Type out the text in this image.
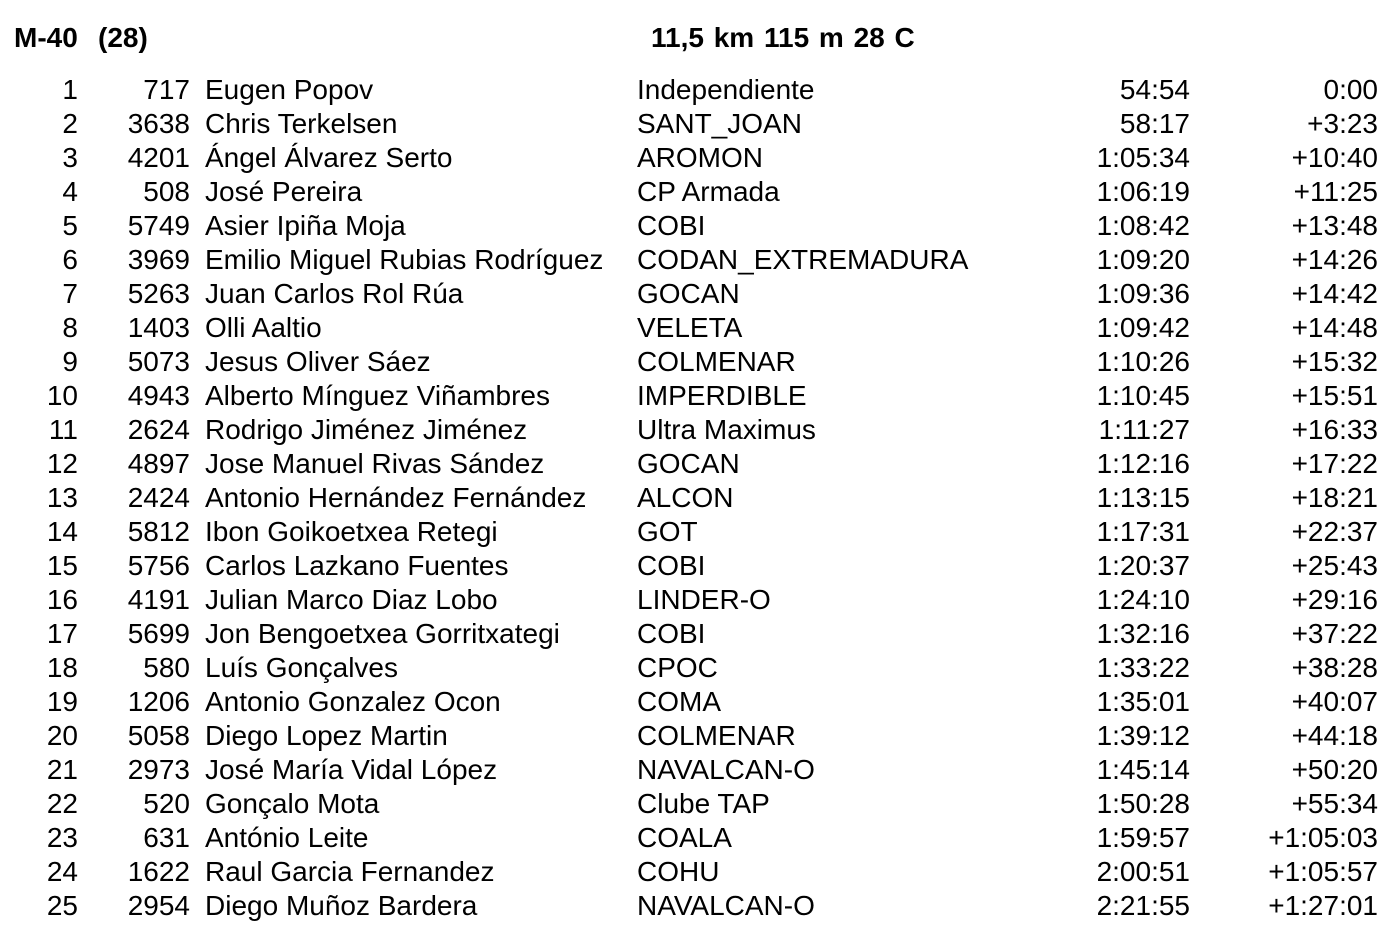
M-40 (28)	11,5 km 115 m 28 C
1	717 Eugen Popov	Independiente	54:54	0:00
2	3638 Chris Terkelsen	SANT_JOAN	58:17	+3:23
3	4201 Ángel Álvarez Serto	AROMON	1:05:34	+10:40
4	508 José Pereira	CP Armada	1:06:19	+11:25
5	5749 Asier Ipiña Moja	COBI	1:08:42	+13:48
6	3969 Emilio Miguel Rubias Rodríguez	CODAN_EXTREMADURA	1:09:20	+14:26
7	5263 Juan Carlos Rol Rúa	GOCAN	1:09:36	+14:42
8	1403 Olli Aaltio	VELETA	1:09:42	+14:48
9	5073 Jesus Oliver Sáez	COLMENAR	1:10:26	+15:32
10	4943 Alberto Mínguez Viñambres	IMPERDIBLE	1:10:45	+15:51
11	2624 Rodrigo Jiménez Jiménez	Ultra Maximus	1:11:27	+16:33
12	4897 Jose Manuel Rivas Sández	GOCAN	1:12:16	+17:22
13	2424 Antonio Hernández Fernández	ALCON	1:13:15	+18:21
14	5812 Ibon Goikoetxea Retegi	GOT	1:17:31	+22:37
15	5756 Carlos Lazkano Fuentes	COBI	1:20:37	+25:43
16	4191 Julian Marco Diaz Lobo	LINDER-O	1:24:10	+29:16
17	5699 Jon Bengoetxea Gorritxategi	COBI	1:32:16	+37:22
18	580 Luís Gonçalves	CPOC	1:33:22	+38:28
19	1206 Antonio Gonzalez Ocon	COMA	1:35:01	+40:07
20	5058 Diego Lopez Martin	COLMENAR	1:39:12	+44:18
21	2973 José María Vidal López	NAVALCAN-O	1:45:14	+50:20
22	520 Gonçalo Mota	Clube TAP	1:50:28	+55:34
23	631 António Leite	COALA	1:59:57	+1:05:03
24	1622 Raul Garcia Fernandez	COHU	2:00:51	+1:05:57
25	2954 Diego Muñoz Bardera	NAVALCAN-O	2:21:55	+1:27:01
